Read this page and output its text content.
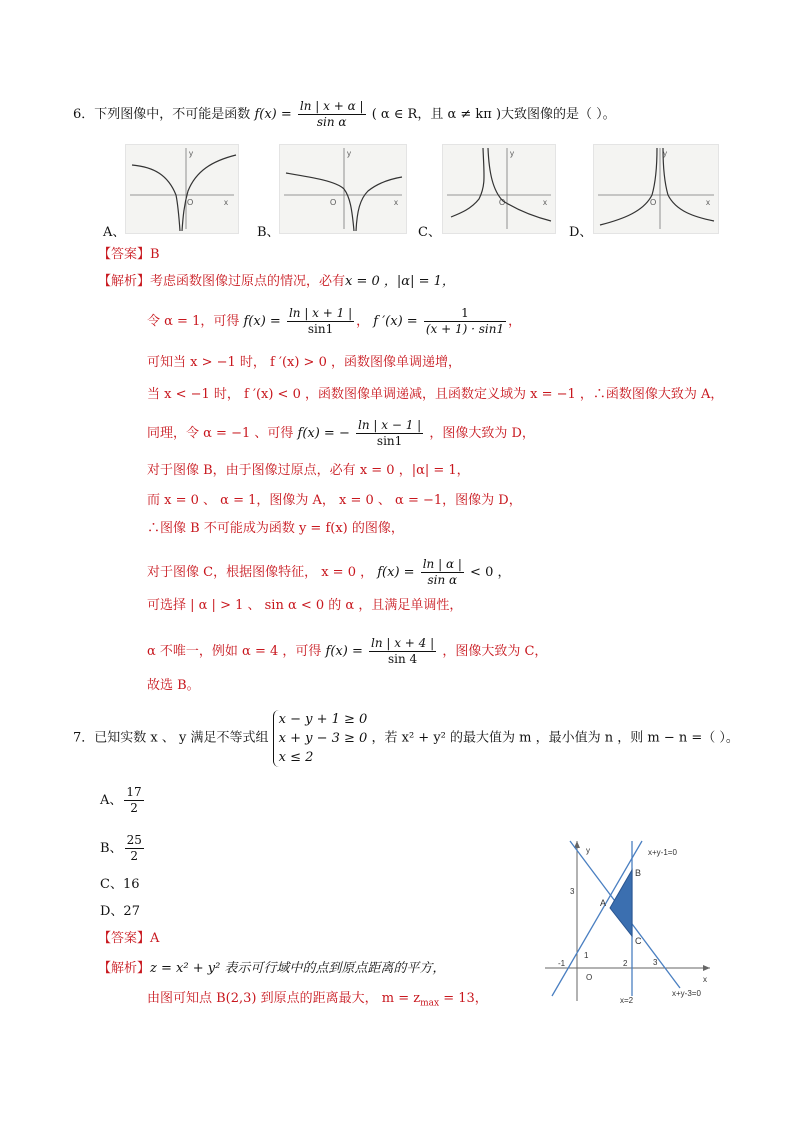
6．下列图像中，不可能是函数 $f(x) = \frac{\ln | x + \alpha |}{\text{sin α}}$ ( α ∈ R，且 α ≠ kπ )大致图像的是（ ）。
y
x
O
A、
y
x
O
B、
y
x
O
C、
y
x
O
D、
【答案】B
【解析】考虑函数图像过原点的情况，必有x = 0 ，|α| = 1，
令 α = 1，可得 $f(x) = \frac{\ln | x + 1 |}{\sin 1}$ ， f $'(x) = \frac{1}{(x + 1) \cdot \sin 1}$ ，
可知当 x > −1 时， f ′(x) > 0 ，函数图像单调递增，
当 x < −1 时， f ′(x) < 0 ，函数图像单调递减，且函数定义域为 x = −1 ，∴函数图像大致为 A，
同理，令 α = −1 、可得 f(x) = − $\frac{\ln | x - 1 |}{\sin 1}$ ，图像大致为 D，
对于图像 B，由于图像过原点，必有 x = 0 ，|α| = 1，
而 x = 0 、 α = 1，图像为 A， x = 0 、 α = −1，图像为 D，
∴图像 B 不可能成为函数 y = f(x) 的图像，
对于图像 C，根据图像特征， x = 0 ， $f(x) = \frac{\ln | \alpha |}{\text{sin α}} < 0$ ，
可选择 | α | > 1 、 sin α < 0 的 α ，且满足单调性，
α 不唯一，例如 α = 4 ，可得 $f(x) = \frac{\ln | x + 4 |}{\sin 4}$ ，图像大致为 C，
故选 B。
7．已知实数 x 、 y 满足不等式组
x − y + 1 ≥ 0
x + y − 3 ≥ 0
x ≤ 2
，若 x² + y² 的最大值为 m ，最小值为 n ，则 m − n =（ ）。
A、 $\frac{17}{2}$
B、 $\frac{25}{2}$
C、16
D、27
【答案】A
【解析】z = x² + y² 表示可行域中的点到原点距离的平方，
由图可知点 B(2,3) 到原点的距离最大， $m = z_{max} = 13$，
x+y-1=0
x+y-3=0
x=2
y
x
O
A
B
C
3
1
-1	2	3
